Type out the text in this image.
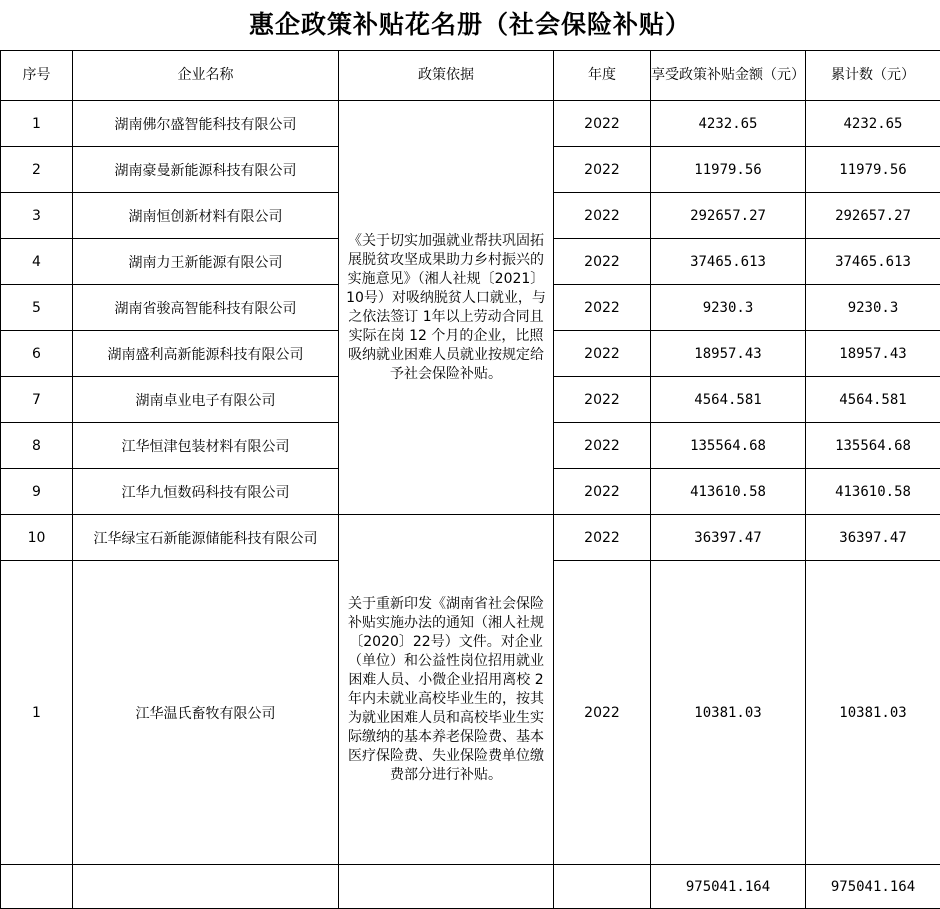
惠企政策补贴花名册（社会保险补贴）
序号	企业名称	政策依据	年度	享受政策补贴金额（元）	累计数（元）
1	湖南佛尔盛智能科技有限公司	《关于切实加强就业帮扶巩固拓展脱贫攻坚成果助力乡村振兴的实施意见》（湘人社规〔2021〕10号）对吸纳脱贫人口就业，与之依法签订 1年以上劳动合同且实际在岗 12 个月的企业，比照吸纳就业困难人员就业按规定给予社会保险补贴。	2022	4232.65	4232.65
2	湖南豪曼新能源科技有限公司		2022	11979.56	11979.56
3	湖南恒创新材料有限公司		2022	292657.27	292657.27
4	湖南力王新能源有限公司		2022	37465.613	37465.613
5	湖南省骏高智能科技有限公司		2022	9230.3	9230.3
6	湖南盛利高新能源科技有限公司		2022	18957.43	18957.43
7	湖南卓业电子有限公司		2022	4564.581	4564.581
8	江华恒津包装材料有限公司		2022	135564.68	135564.68
9	江华九恒数码科技有限公司		2022	413610.58	413610.58
10	江华绿宝石新能源储能科技有限公司	关于重新印发《湖南省社会保险补贴实施办法的通知（湘人社规〔2020〕22号）文件。对企业（单位）和公益性岗位招用就业困难人员、小微企业招用离校 2 年内未就业高校毕业生的，按其为就业困难人员和高校毕业生实际缴纳的基本养老保险费、基本医疗保险费、失业保险费单位缴费部分进行补贴。	2022	36397.47	36397.47
1	江华温氏畜牧有限公司		2022	10381.03	10381.03
				975041.164	975041.164
